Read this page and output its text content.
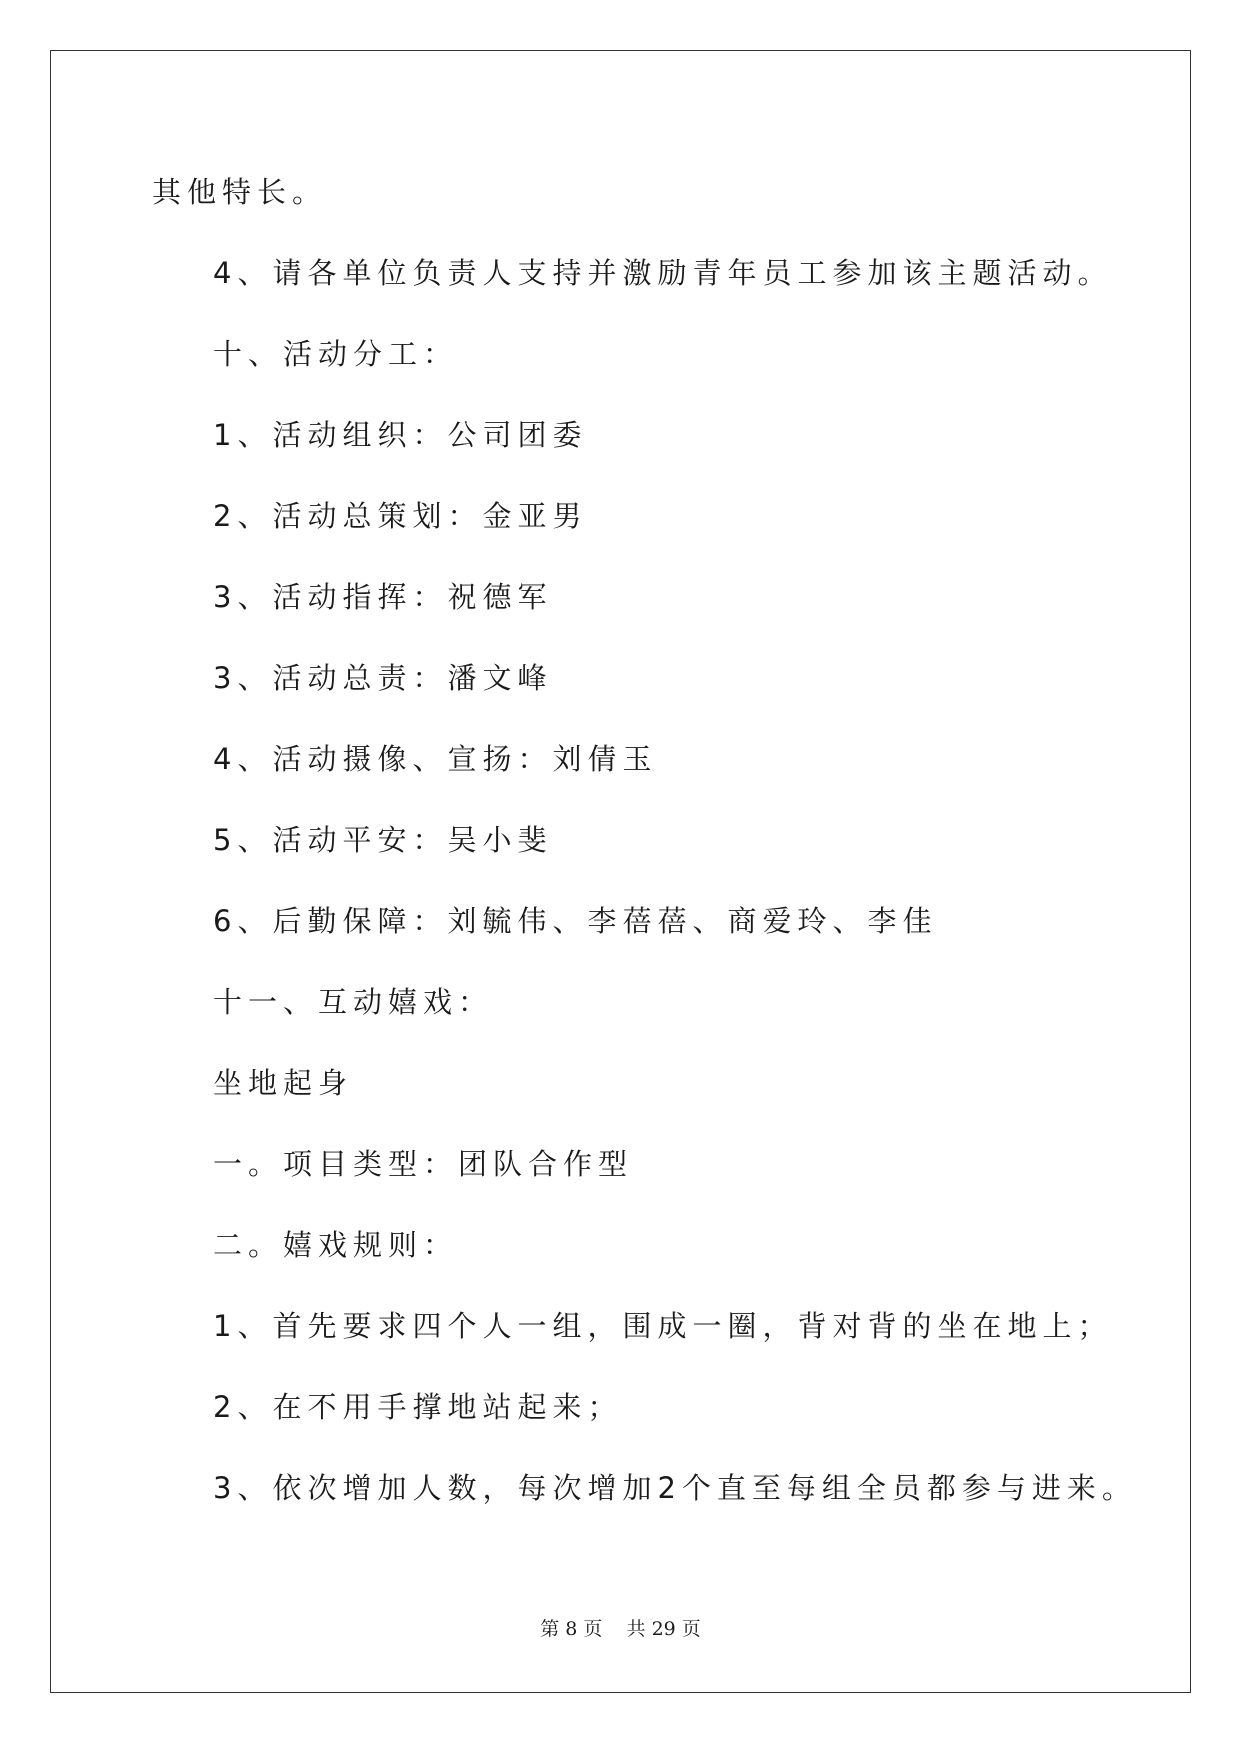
其他特长。
4、请各单位负责人支持并激励青年员工参加该主题活动。
十、活动分工：
1、活动组织：公司团委
2、活动总策划：金亚男
3、活动指挥：祝德军
3、活动总责：潘文峰
4、活动摄像、宣扬：刘倩玉
5、活动平安：吴小斐
6、后勤保障：刘毓伟、李蓓蓓、商爱玲、李佳
十一、互动嬉戏：
坐地起身
一。项目类型：团队合作型
二。嬉戏规则：
1、首先要求四个人一组，围成一圈，背对背的坐在地上；
2、在不用手撑地站起来；
3、依次增加人数，每次增加2个直至每组全员都参与进来。
第 8 页 共 29 页
